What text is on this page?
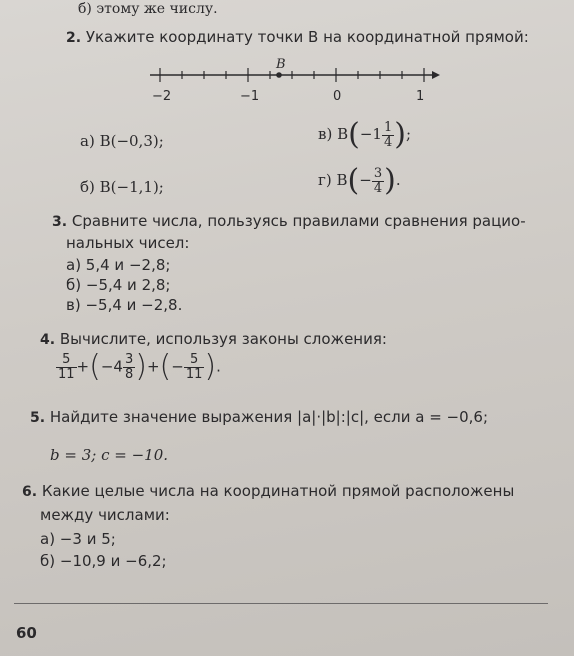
б) этому же числу.
2. Укажите координату точки B на координатной прямой:
B
−2	−1	0	1
а) B(−0,3);
б) B(−1,1);
в) $B(-1 \frac{1}{4}$ );
г) $B(- \frac{3}{4}$ ).
3. Сравните числа, пользуясь правилами сравнения рацио-
нальных чисел:
а) 5,4 и −2,8;
б) −5,4 и 2,8;
в) −5,4 и −2,8.
4. Вычислите, используя законы сложения:
$\frac{5}{11} +(-4 \frac{3}{8}$ )+(− $\frac{5}{11}$ ).
5. Найдите значение выражения |a|·|b|:|c|, если a = −0,6;
b = 3; c = −10.
6. Какие целые числа на координатной прямой расположены
между числами:
а) −3 и 5;
б) −10,9 и −6,2;
60
